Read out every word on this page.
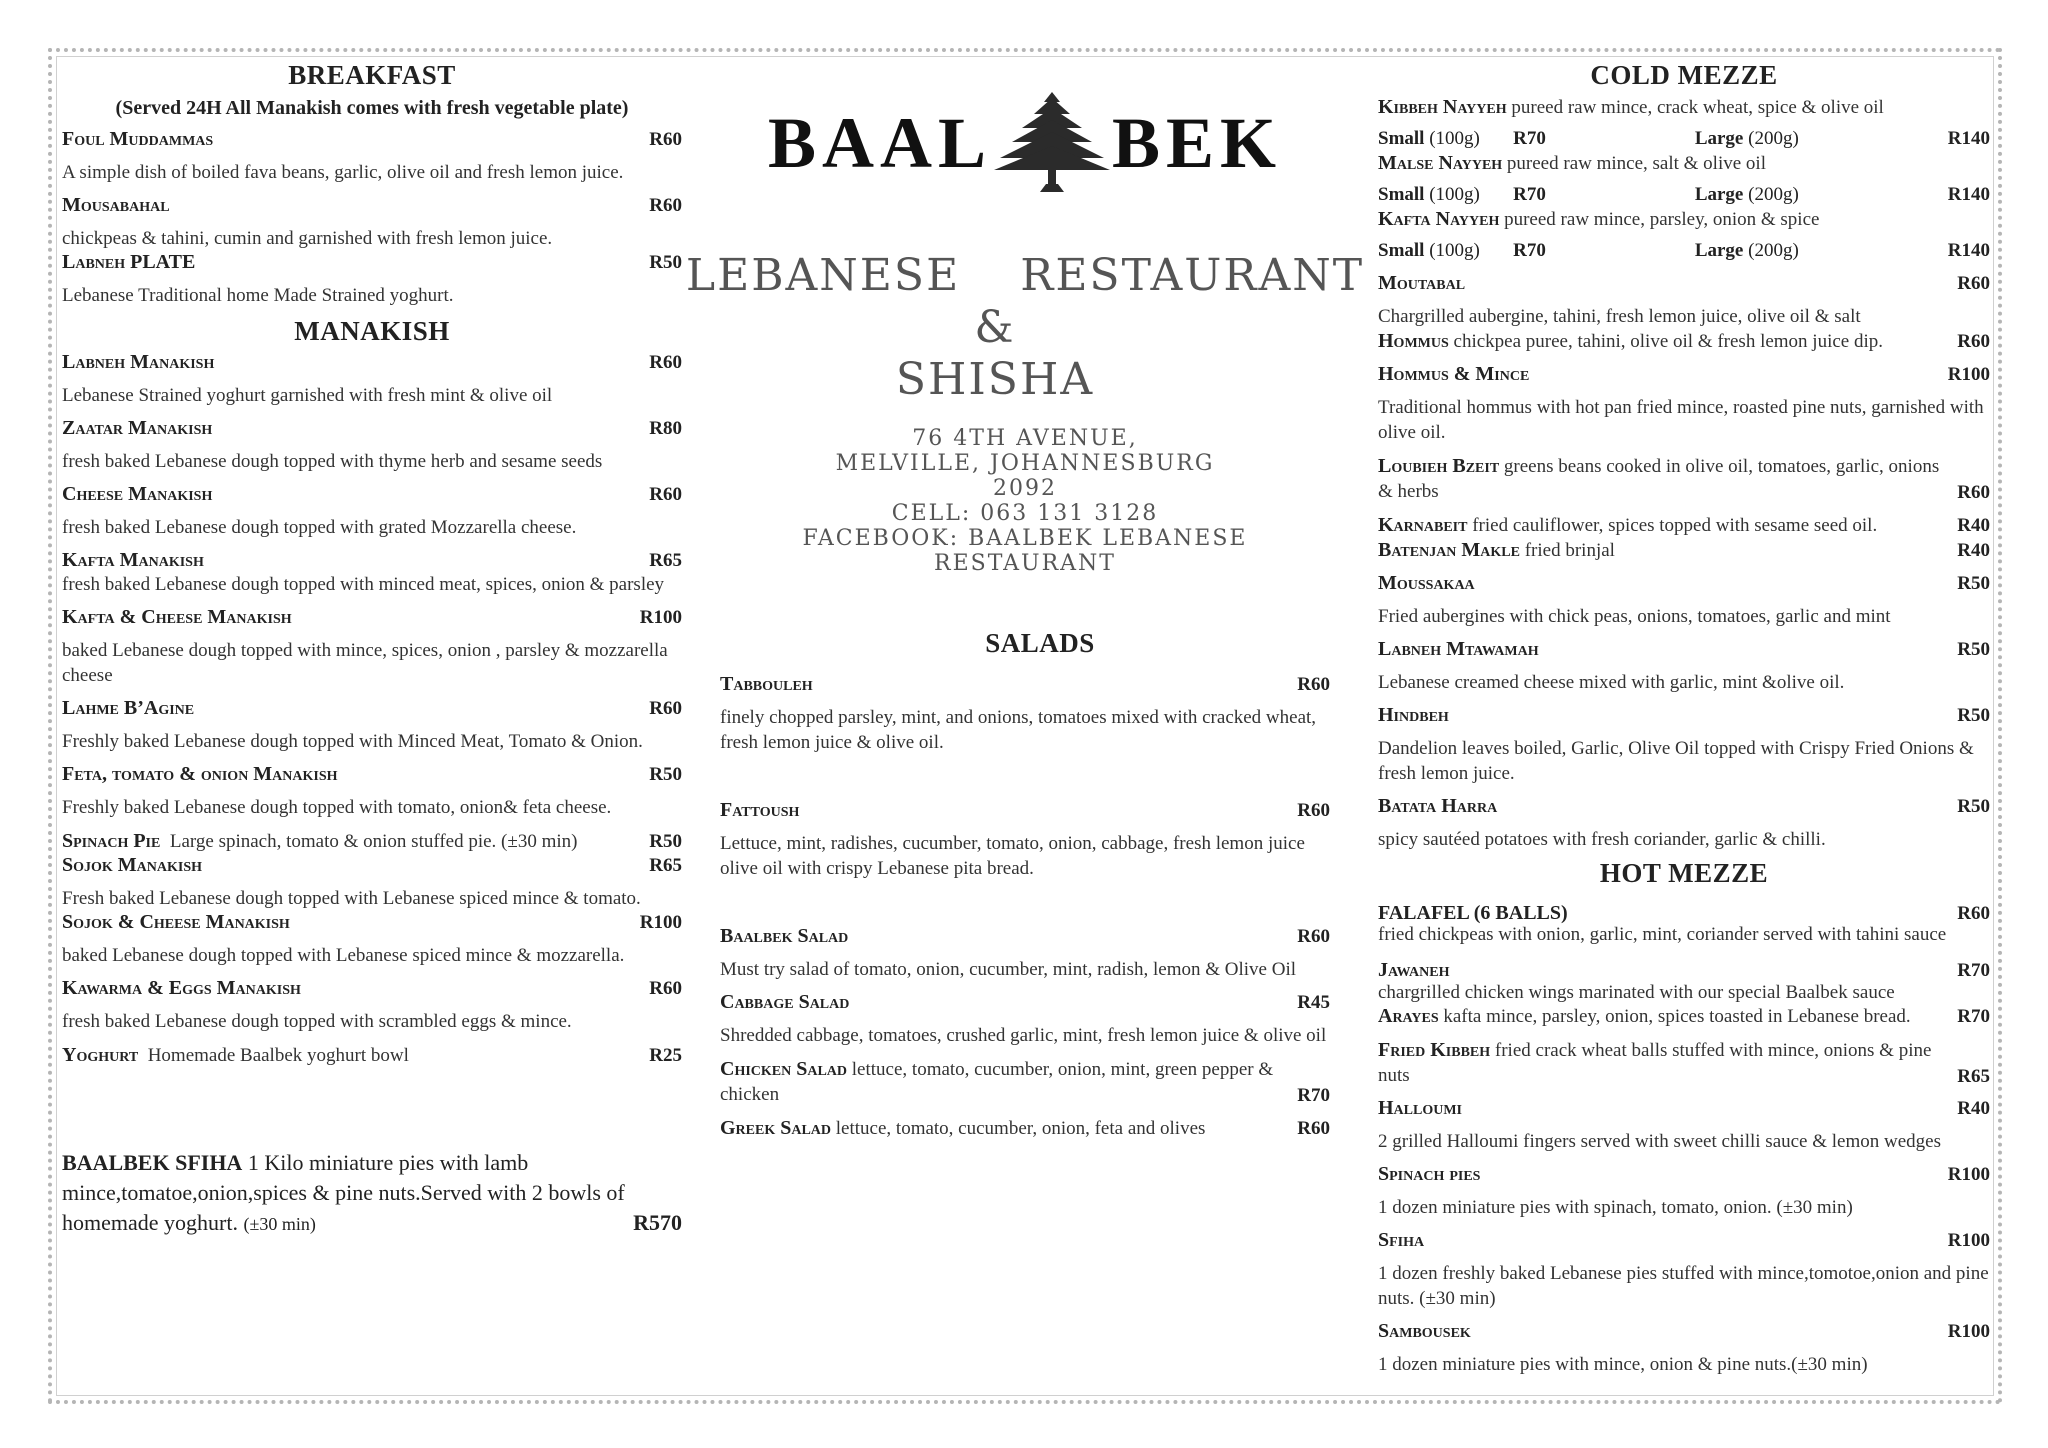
BREAKFAST
(Served 24H All Manakish comes with fresh vegetable plate)
Foul Muddammas	R60
A simple dish of boiled fava beans, garlic, olive oil and fresh lemon juice.
Mousabahal	R60
chickpeas & tahini, cumin and garnished with fresh lemon juice.
Labneh PLATE	R50
Lebanese Traditional home Made Strained yoghurt.
MANAKISH
Labneh Manakish	R60
Lebanese Strained yoghurt garnished with fresh mint & olive oil
Zaatar Manakish	R80
fresh baked Lebanese dough topped with thyme herb and sesame seeds
Cheese Manakish	R60
fresh baked Lebanese dough topped with grated Mozzarella cheese.
Kafta Manakish	R65
fresh baked Lebanese dough topped with minced meat, spices, onion & parsley
Kafta & Cheese Manakish	R100
baked Lebanese dough topped with mince, spices, onion , parsley & mozzarella cheese
Lahme B’Agine	R60
Freshly baked Lebanese dough topped with Minced Meat, Tomato & Onion.
Feta, tomato & onion Manakish	R50
Freshly baked Lebanese dough topped with tomato, onion& feta cheese.
Spinach Pie Large spinach, tomato & onion stuffed pie. (±30 min)	R50
Sojok Manakish	R65
Fresh baked Lebanese dough topped with Lebanese spiced mince & tomato.
Sojok & Cheese Manakish	R100
baked Lebanese dough topped with Lebanese spiced mince & mozzarella.
Kawarma & Eggs Manakish	R60
fresh baked Lebanese dough topped with scrambled eggs & mince.
Yoghurt Homemade Baalbek yoghurt bowl	R25
BAALBEK SFIHA 1 Kilo miniature pies with lamb mince,tomatoe,onion,spices & pine nuts.Served with 2 bowls of homemade yoghurt. (±30 min)	R570
BAAL BEK
LEBANESE RESTAURANT
&
SHISHA
76 4TH AVENUE,
MELVILLE, JOHANNESBURG
2092
CELL: 063 131 3128
FACEBOOK: BAALBEK LEBANESE RESTAURANT
SALADS
Tabbouleh	R60
finely chopped parsley, mint, and onions, tomatoes mixed with cracked wheat, fresh lemon juice & olive oil.
Fattoush	R60
Lettuce, mint, radishes, cucumber, tomato, onion, cabbage, fresh lemon juice olive oil with crispy Lebanese pita bread.
Baalbek Salad	R60
Must try salad of tomato, onion, cucumber, mint, radish, lemon & Olive Oil
Cabbage Salad	R45
Shredded cabbage, tomatoes, crushed garlic, mint, fresh lemon juice & olive oil
Chicken Salad lettuce, tomato, cucumber, onion, mint, green pepper & chicken	R70
Greek Salad lettuce, tomato, cucumber, onion, feta and olives	R60
COLD MEZZE
Kibbeh Nayyeh pureed raw mince, crack wheat, spice & olive oil
Small (100g) R70	Large (200g)	R140
Malse Nayyeh pureed raw mince, salt & olive oil
Small (100g) R70	Large (200g)	R140
Kafta Nayyeh pureed raw mince, parsley, onion & spice
Small (100g) R70	Large (200g)	R140
Moutabal	R60
Chargrilled aubergine, tahini, fresh lemon juice, olive oil & salt
Hommus chickpea puree, tahini, olive oil & fresh lemon juice dip.	R60
Hommus & Mince	R100
Traditional hommus with hot pan fried mince, roasted pine nuts, garnished with olive oil.
Loubieh Bzeit greens beans cooked in olive oil, tomatoes, garlic, onions & herbs	R60
Karnabeit fried cauliflower, spices topped with sesame seed oil.	R40
Batenjan Makle fried brinjal	R40
Moussakaa	R50
Fried aubergines with chick peas, onions, tomatoes, garlic and mint
Labneh Mtawamah	R50
Lebanese creamed cheese mixed with garlic, mint &olive oil.
Hindbeh	R50
Dandelion leaves boiled, Garlic, Olive Oil topped with Crispy Fried Onions & fresh lemon juice.
Batata Harra	R50
spicy sautéed potatoes with fresh coriander, garlic & chilli.
HOT MEZZE
FALAFEL (6 BALLS)	R60
fried chickpeas with onion, garlic, mint, coriander served with tahini sauce
Jawaneh	R70
chargrilled chicken wings marinated with our special Baalbek sauce
Arayes kafta mince, parsley, onion, spices toasted in Lebanese bread. R70
Fried Kibbeh fried crack wheat balls stuffed with mince, onions & pine nuts	R65
Halloumi	R40
2 grilled Halloumi fingers served with sweet chilli sauce & lemon wedges
Spinach pies	R100
1 dozen miniature pies with spinach, tomato, onion. (±30 min)
Sfiha	R100
1 dozen freshly baked Lebanese pies stuffed with mince,tomotoe,onion and pine nuts. (±30 min)
Sambousek	R100
1 dozen miniature pies with mince, onion & pine nuts.(±30 min)
